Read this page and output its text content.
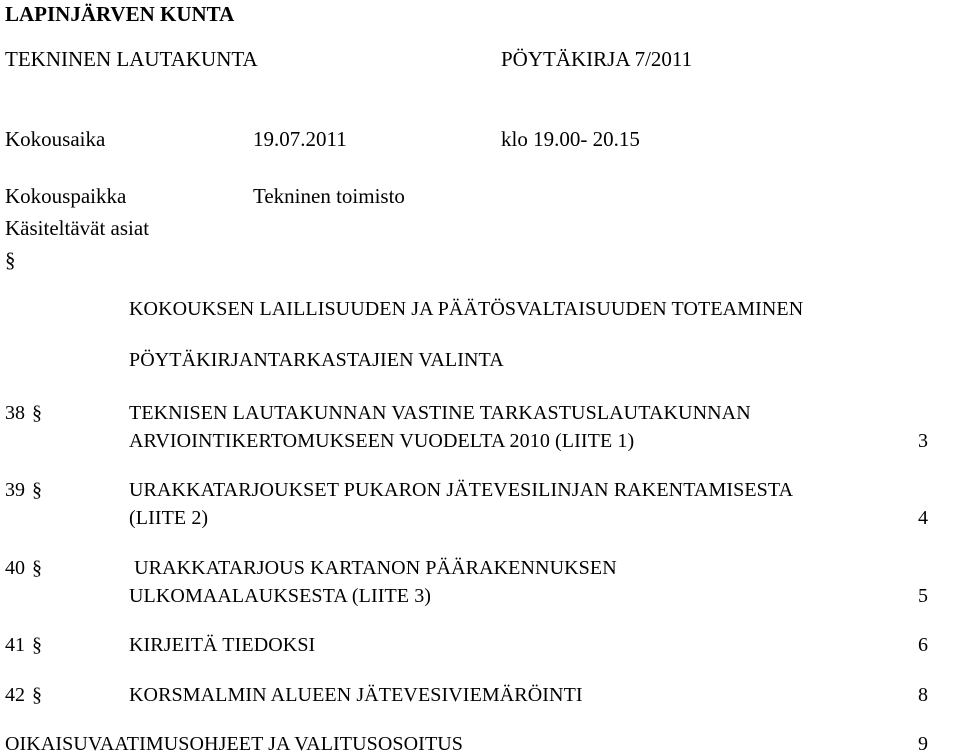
LAPINJÄRVEN KUNTA
TEKNINEN LAUTAKUNTA	PÖYTÄKIRJA 7/2011
Kokousaika	19.07.2011	klo 19.00- 20.15
Kokouspaikka	Tekninen toimisto
Käsiteltävät asiat
§
KOKOUKSEN LAILLISUUDEN JA PÄÄTÖSVALTAISUUDEN TOTEAMINEN
PÖYTÄKIRJANTARKASTAJIEN VALINTA
38 §	TEKNISEN LAUTAKUNNAN VASTINE TARKASTUSLAUTAKUNNAN
ARVIOINTIKERTOMUKSEEN VUODELTA 2010 (LIITE 1)	3
39 §	URAKKATARJOUKSET PUKARON JÄTEVESILINJAN RAKENTAMISESTA
(LIITE 2)	4
40 §	URAKKATARJOUS KARTANON PÄÄRAKENNUKSEN
ULKOMAALAUKSESTA (LIITE 3)	5
41 §	KIRJEITÄ TIEDOKSI	6
42 §	KORSMALMIN ALUEEN JÄTEVESIVIEMÄRÖINTI	8
OIKAISUVAATIMUSOHJEET JA VALITUSOSOITUS	9
